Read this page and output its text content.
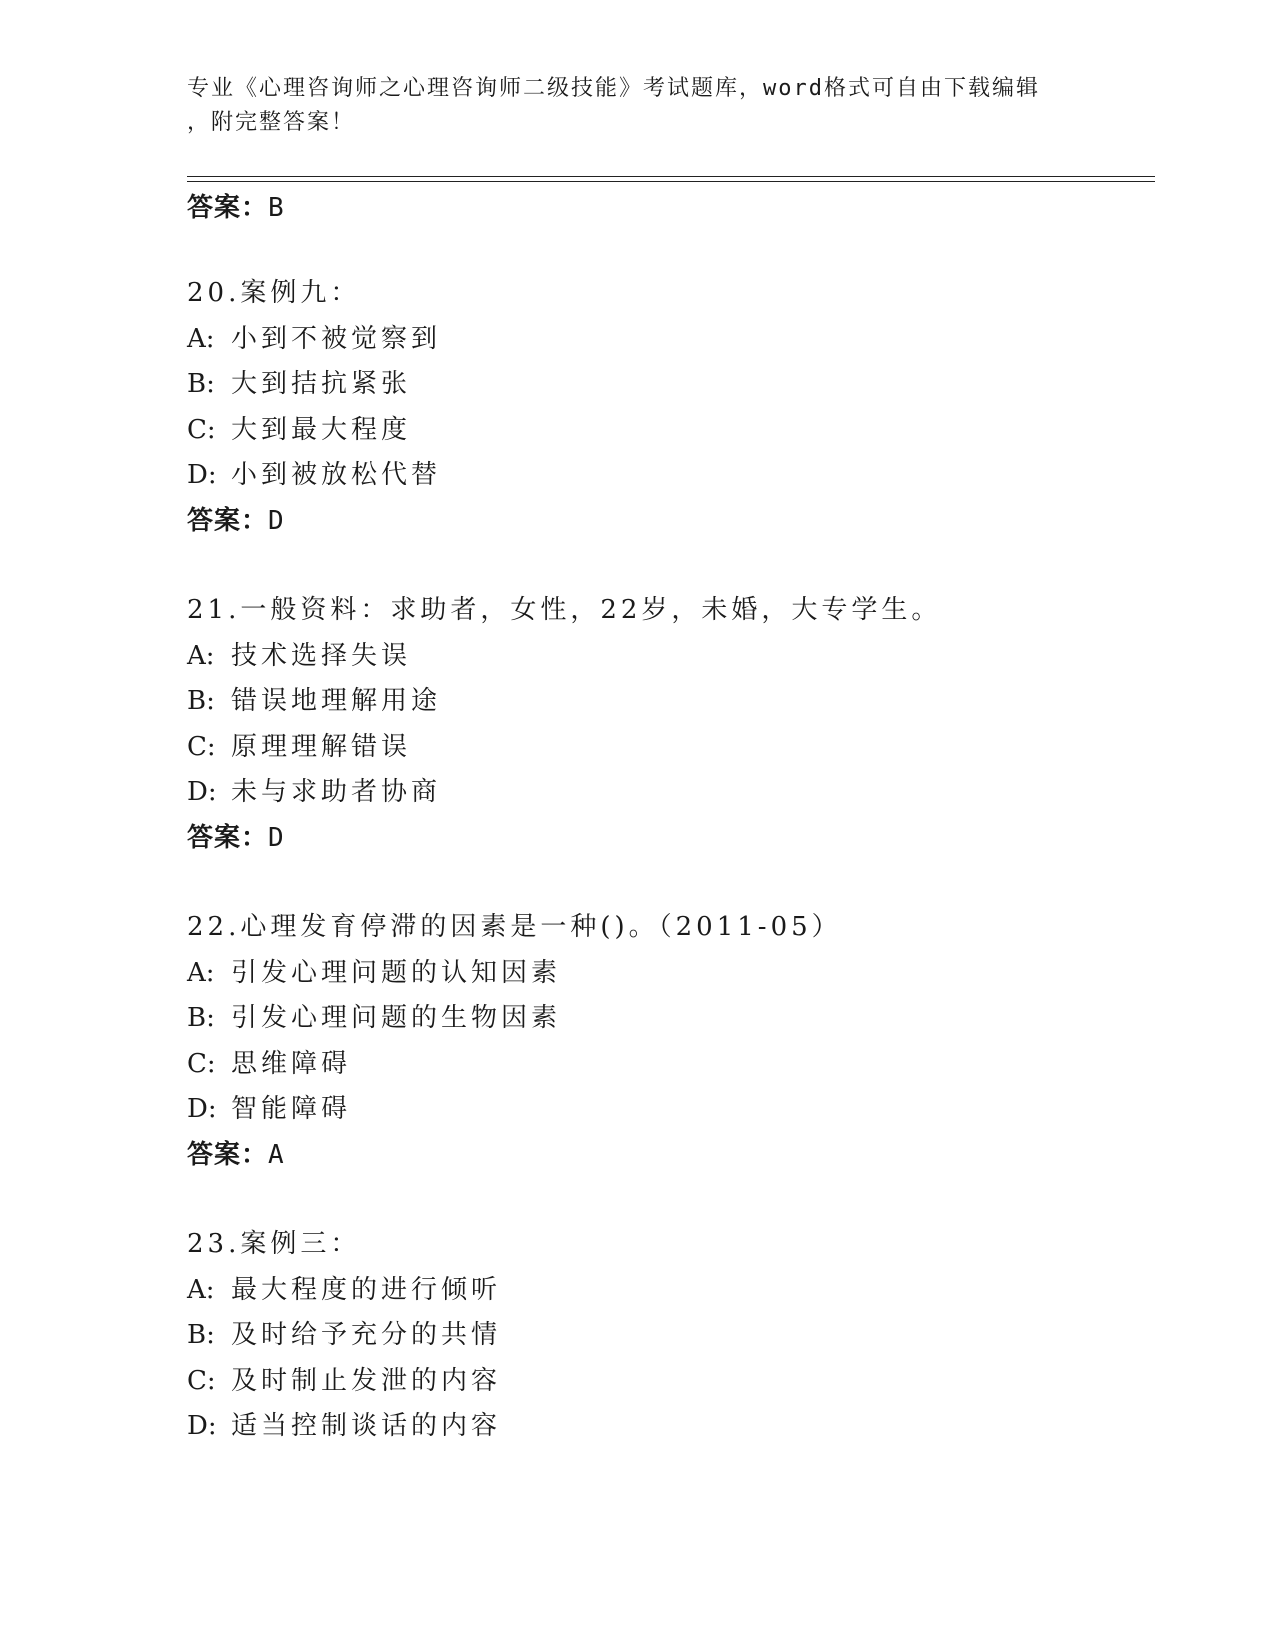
专业《心理咨询师之心理咨询师二级技能》考试题库，word格式可自由下载编辑

，附完整答案！

答案：B
20.案例九：
A: 小到不被觉察到
B: 大到拮抗紧张
C: 大到最大程度
D: 小到被放松代替
答案：D
21.一般资料：求助者，女性，22岁，未婚，大专学生。
A: 技术选择失误
B: 错误地理解用途
C: 原理理解错误
D: 未与求助者协商
答案：D
22.心理发育停滞的因素是一种()。（2011-05）
A: 引发心理问题的认知因素
B: 引发心理问题的生物因素
C: 思维障碍
D: 智能障碍
答案：A
23.案例三：
A: 最大程度的进行倾听
B: 及时给予充分的共情
C: 及时制止发泄的内容
D: 适当控制谈话的内容
